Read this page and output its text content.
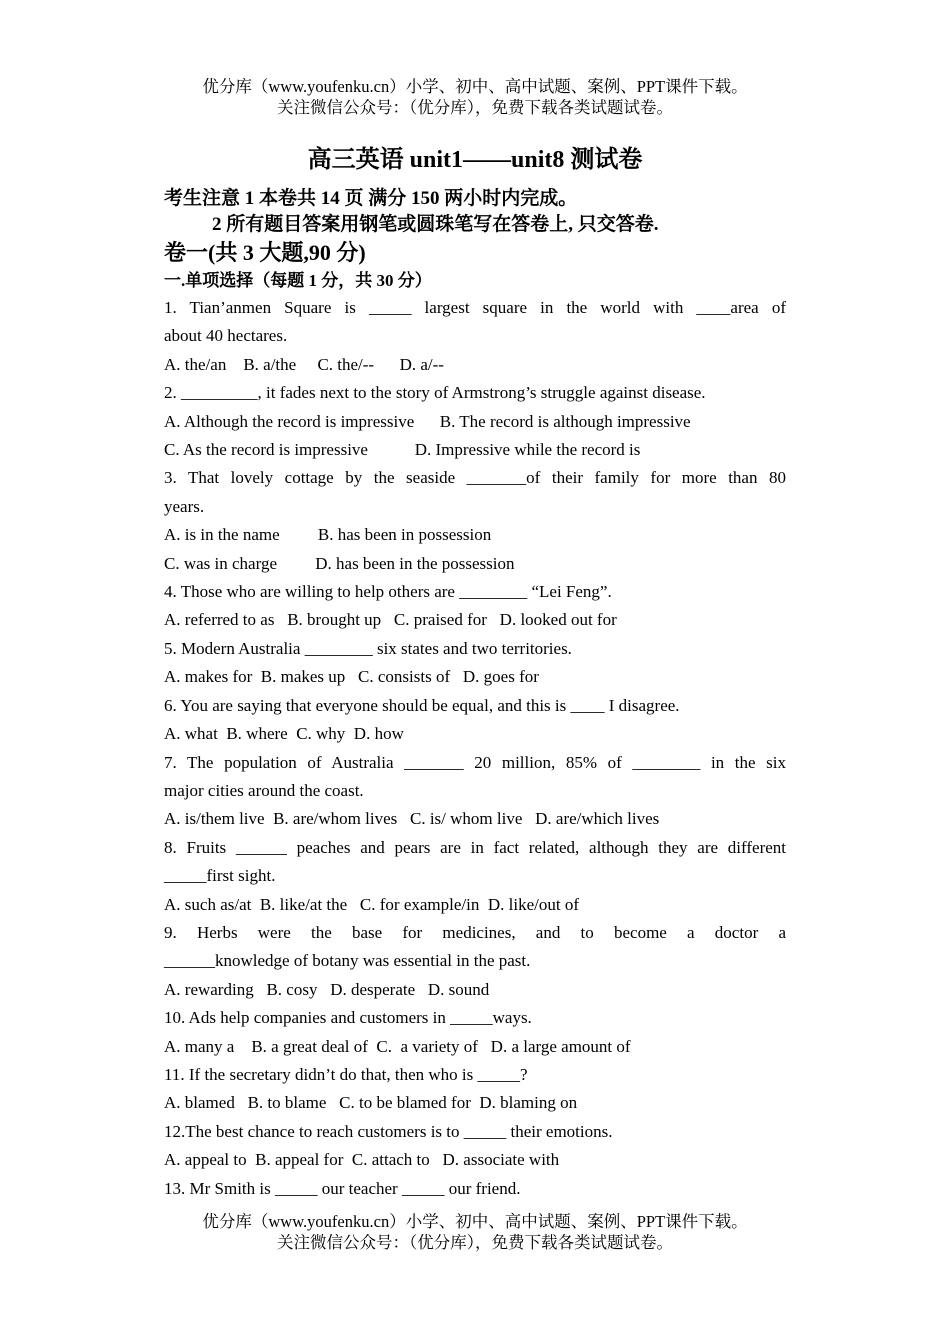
优分库（www.youfenku.cn）小学、初中、高中试题、案例、PPT课件下载。
关注微信公众号：（优分库），免费下载各类试题试卷。
高三英语 unit1——unit8 测试卷
考生注意 1 本卷共 14 页 满分 150 两小时内完成。
2 所有题目答案用钢笔或圆珠笔写在答卷上, 只交答卷.
卷一(共 3 大题,90 分)
一.单项选择（每题 1 分，共 30 分）
1. Tian’anmen Square is _____ largest square in the world with ____area of
about 40 hectares.
A. the/an    B. a/the     C. the/--      D. a/--
2. _________, it fades next to the story of Armstrong’s struggle against disease.
A. Although the record is impressive      B. The record is although impressive
C. As the record is impressive           D. Impressive while the record is
3. That lovely cottage by the seaside _______of their family for more than 80
years.
A. is in the name         B. has been in possession
C. was in charge         D. has been in the possession
4. Those who are willing to help others are ________ “Lei Feng”.
A. referred to as   B. brought up   C. praised for   D. looked out for
5. Modern Australia ________ six states and two territories.
A. makes for  B. makes up   C. consists of   D. goes for
6. You are saying that everyone should be equal, and this is ____ I disagree.
A. what  B. where  C. why  D. how
7. The population of Australia _______ 20 million, 85% of ________ in the six
major cities around the coast.
A. is/them live  B. are/whom lives   C. is/ whom live   D. are/which lives
8. Fruits ______ peaches and pears are in fact related, although they are different
_____first sight.
A. such as/at  B. like/at the   C. for example/in  D. like/out of
9. Herbs were the base for medicines, and to become a doctor a
______knowledge of botany was essential in the past.
A. rewarding   B. cosy   D. desperate   D. sound
10. Ads help companies and customers in _____ways.
A. many a    B. a great deal of  C.  a variety of   D. a large amount of
11. If the secretary didn’t do that, then who is _____?
A. blamed   B. to blame   C. to be blamed for  D. blaming on
12.The best chance to reach customers is to _____ their emotions.
A. appeal to  B. appeal for  C. attach to   D. associate with
13. Mr Smith is _____ our teacher _____ our friend.
优分库（www.youfenku.cn）小学、初中、高中试题、案例、PPT课件下载。
关注微信公众号：（优分库），免费下载各类试题试卷。
